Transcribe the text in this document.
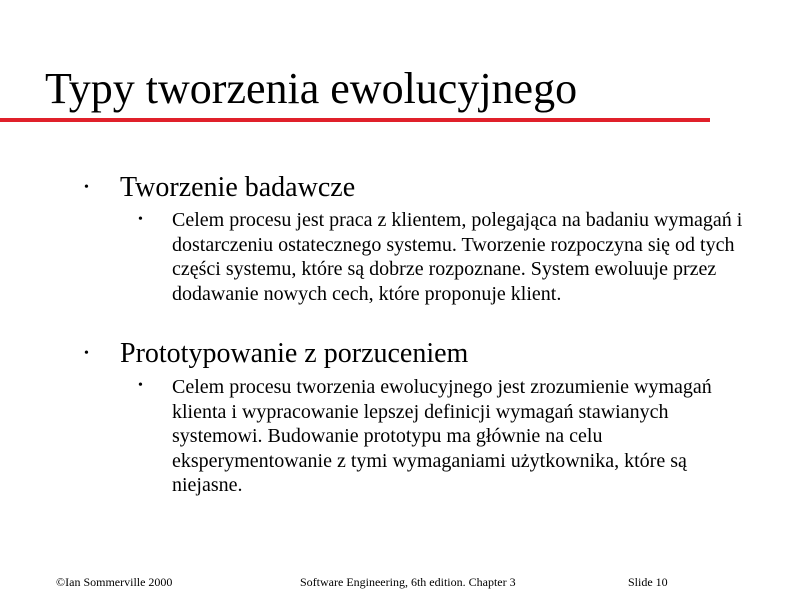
Typy tworzenia ewolucyjnego
• Tworzenie badawcze
• Celem procesu jest praca z klientem, polegająca na badaniu wymagań i dostarczeniu ostatecznego systemu. Tworzenie rozpoczyna się od tych części systemu, które są dobrze rozpoznane. System ewoluuje przez dodawanie nowych cech, które proponuje klient.
• Prototypowanie z porzuceniem
• Celem procesu tworzenia ewolucyjnego jest zrozumienie wymagań klienta i wypracowanie lepszej definicji wymagań stawianych systemowi. Budowanie prototypu ma głównie na celu eksperymentowanie z tymi wymaganiami użytkownika, które są niejasne.
©Ian Sommerville 2000	Software Engineering, 6th edition. Chapter 3	Slide 10
